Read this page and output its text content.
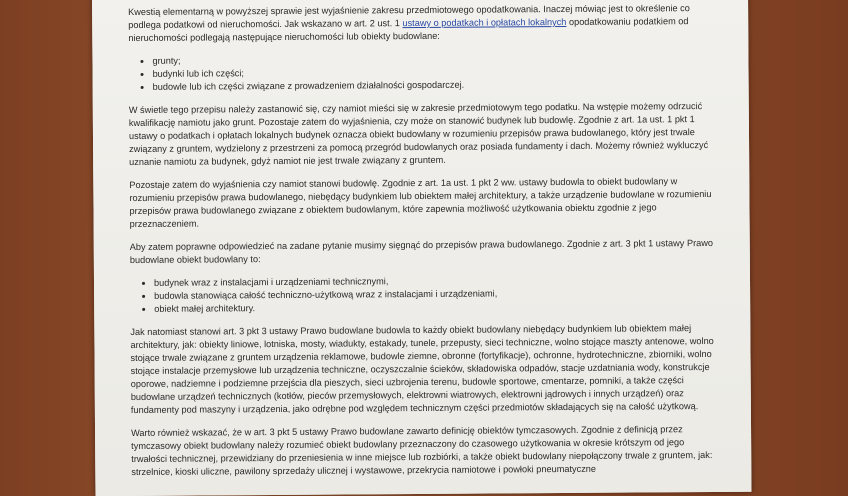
Kwestią elementarną w powyższej sprawie jest wyjaśnienie zakresu przedmiotowego opodatkowania. Inaczej mówiąc jest to określenie co podlega podatkowi od nieruchomości. Jak wskazano w art. 2 ust. 1 ustawy o podatkach i opłatach lokalnych opodatkowaniu podatkiem od nieruchomości podlegają następujące nieruchomości lub obiekty budowlane:

• grunty;
• budynki lub ich części;
• budowle lub ich części związane z prowadzeniem działalności gospodarczej.

W świetle tego przepisu należy zastanowić się, czy namiot mieści się w zakresie przedmiotowym tego podatku. Na wstępie możemy odrzucić kwalifikację namiotu jako grunt. Pozostaje zatem do wyjaśnienia, czy może on stanowić budynek lub budowlę. Zgodnie z art. 1a ust. 1 pkt 1 ustawy o podatkach i opłatach lokalnych budynek oznacza obiekt budowlany w rozumieniu przepisów prawa budowlanego, który jest trwale związany z gruntem, wydzielony z przestrzeni za pomocą przegród budowlanych oraz posiada fundamenty i dach. Możemy również wykluczyć uznanie namiotu za budynek, gdyż namiot nie jest trwale związany z gruntem.

Pozostaje zatem do wyjaśnienia czy namiot stanowi budowlę. Zgodnie z art. 1a ust. 1 pkt 2 ww. ustawy budowla to obiekt budowlany w rozumieniu przepisów prawa budowlanego, niebędący budynkiem lub obiektem małej architektury, a także urządzenie budowlane w rozumieniu przepisów prawa budowlanego związane z obiektem budowlanym, które zapewnia możliwość użytkowania obiektu zgodnie z jego przeznaczeniem.

Aby zatem poprawne odpowiedzieć na zadane pytanie musimy sięgnąć do przepisów prawa budowlanego. Zgodnie z art. 3 pkt 1 ustawy Prawo budowlane obiekt budowlany to:

• budynek wraz z instalacjami i urządzeniami technicznymi,
• budowla stanowiąca całość techniczno-użytkową wraz z instalacjami i urządzeniami,
• obiekt małej architektury.

Jak natomiast stanowi art. 3 pkt 3 ustawy Prawo budowlane budowla to każdy obiekt budowlany niebędący budynkiem lub obiektem małej architektury, jak: obiekty liniowe, lotniska, mosty, wiadukty, estakady, tunele, przepusty, sieci techniczne, wolno stojące maszty antenowe, wolno stojące trwale związane z gruntem urządzenia reklamowe, budowle ziemne, obronne (fortyfikacje), ochronne, hydrotechniczne, zbiorniki, wolno stojące instalacje przemysłowe lub urządzenia techniczne, oczyszczalnie ścieków, składowiska odpadów, stacje uzdatniania wody, konstrukcje oporowe, nadziemne i podziemne przejścia dla pieszych, sieci uzbrojenia terenu, budowle sportowe, cmentarze, pomniki, a także części budowlane urządzeń technicznych (kotłów, pieców przemysłowych, elektrowni wiatrowych, elektrowni jądrowych i innych urządzeń) oraz fundamenty pod maszyny i urządzenia, jako odrębne pod względem technicznym części przedmiotów składających się na całość użytkową.

Warto również wskazać, że w art. 3 pkt 5 ustawy Prawo budowlane zawarto definicję obiektów tymczasowych. Zgodnie z definicją przez tymczasowy obiekt budowlany należy rozumieć obiekt budowlany przeznaczony do czasowego użytkowania w okresie krótszym od jego trwałości technicznej, przewidziany do przeniesienia w inne miejsce lub rozbiórki, a także obiekt budowlany niepołączony trwale z gruntem, jak: strzelnice, kioski uliczne, pawilony sprzedaży ulicznej i wystawowe, przekrycia namiotowe i powłoki pneumatyczne
